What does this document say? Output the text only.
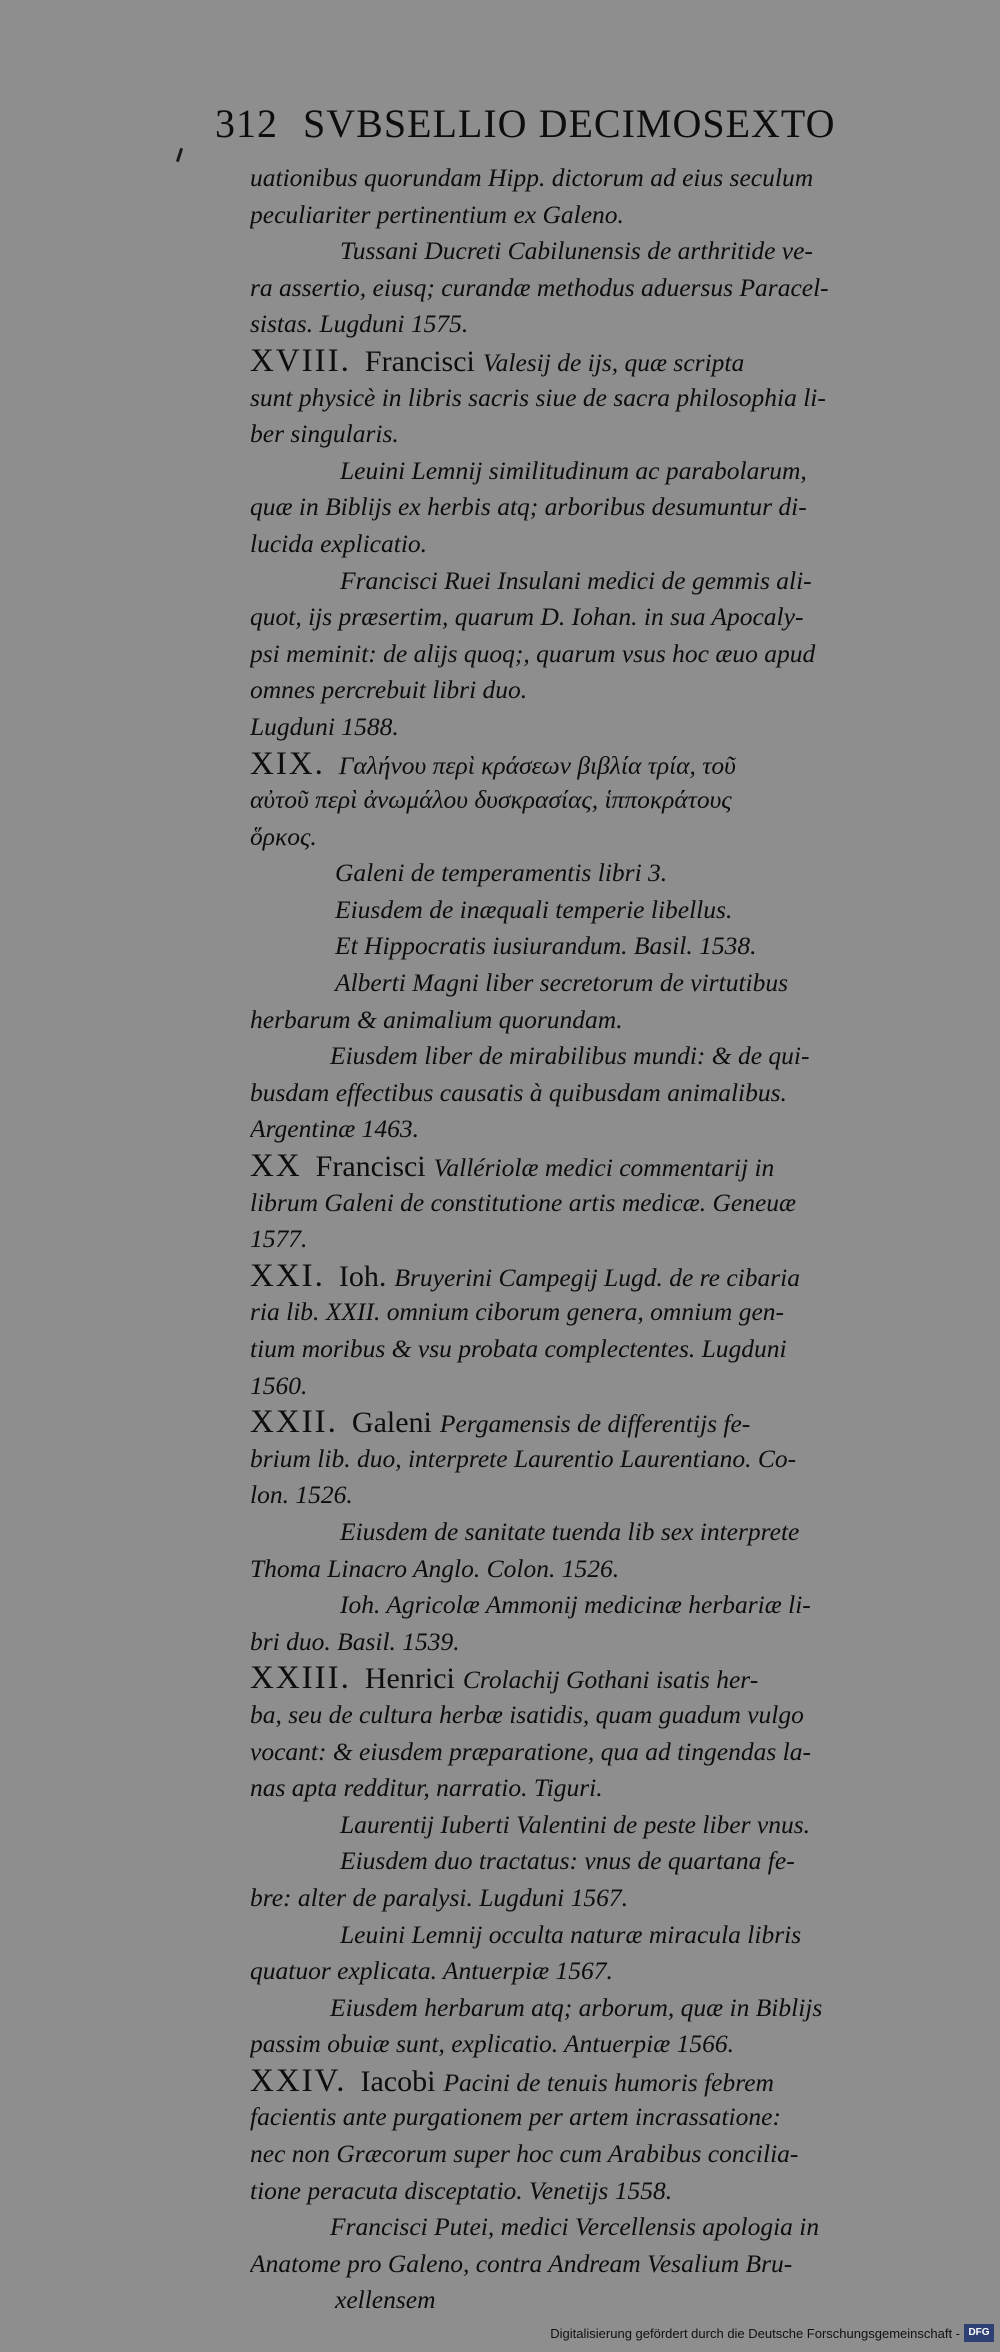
312 SVBSELLIO DECIMOSEXTO
uationibus quorundam Hipp. dictorum ad eius seculum
peculiariter pertinentium ex Galeno.
Tussani Ducreti Cabilunensis de arthritide ve-
ra assertio, eiusq; curandæ methodus aduersus Paracel-
sistas. Lugduni 1575.
XVIII. Francisci Valesij de ijs, quæ scripta
sunt physicè in libris sacris siue de sacra philosophia li-
ber singularis.
Leuini Lemnij similitudinum ac parabolarum,
quæ in Biblijs ex herbis atq; arboribus desumuntur di-
lucida explicatio.
Francisci Ruei Insulani medici de gemmis ali-
quot, ijs præsertim, quarum D. Iohan. in sua Apocaly-
psi meminit: de alijs quoq;, quarum vsus hoc æuo apud
omnes percrebuit libri duo.
Lugduni 1588.
XIX. Γαλήνου περὶ κράσεων βιβλία τρία, τοῦ
αὐτοῦ περὶ ἀνωμάλου δυσκρασίας, ἱπποκράτους
ὅρκος.
Galeni de temperamentis libri 3.
Eiusdem de inæquali temperie libellus.
Et Hippocratis iusiurandum. Basil. 1538.
Alberti Magni liber secretorum de virtutibus
herbarum & animalium quorundam.
Eiusdem liber de mirabilibus mundi: & de qui-
busdam effectibus causatis à quibusdam animalibus.
Argentinæ 1463.
XX Francisci Vallériolæ medici commentarij in
librum Galeni de constitutione artis medicæ. Geneuæ
1577.
XXI. Ioh. Bruyerini Campegij Lugd. de re cibaria
ria lib. XXII. omnium ciborum genera, omnium gen-
tium moribus & vsu probata complectentes. Lugduni
1560.
XXII. Galeni Pergamensis de differentijs fe-
brium lib. duo, interprete Laurentio Laurentiano. Co-
lon. 1526.
Eiusdem de sanitate tuenda lib sex interprete
Thoma Linacro Anglo. Colon. 1526.
Ioh. Agricolæ Ammonij medicinæ herbariæ li-
bri duo. Basil. 1539.
XXIII. Henrici Crolachij Gothani isatis her-
ba, seu de cultura herbæ isatidis, quam guadum vulgo
vocant: & eiusdem præparatione, qua ad tingendas la-
nas apta redditur, narratio. Tiguri.
Laurentij Iuberti Valentini de peste liber vnus.
Eiusdem duo tractatus: vnus de quartana fe-
bre: alter de paralysi. Lugduni 1567.
Leuini Lemnij occulta naturæ miracula libris
quatuor explicata. Antuerpiæ 1567.
Eiusdem herbarum atq; arborum, quæ in Biblijs
passim obuiæ sunt, explicatio. Antuerpiæ 1566.
XXIV. Iacobi Pacini de tenuis humoris febrem
facientis ante purgationem per artem incrassatione:
nec non Græcorum super hoc cum Arabibus concilia-
tione peracuta disceptatio. Venetijs 1558.
Francisci Putei, medici Vercellensis apologia in
Anatome pro Galeno, contra Andream Vesalium Bru-
xellensem
Digitalisierung gefördert durch die Deutsche Forschungsgemeinschaft - DFG
